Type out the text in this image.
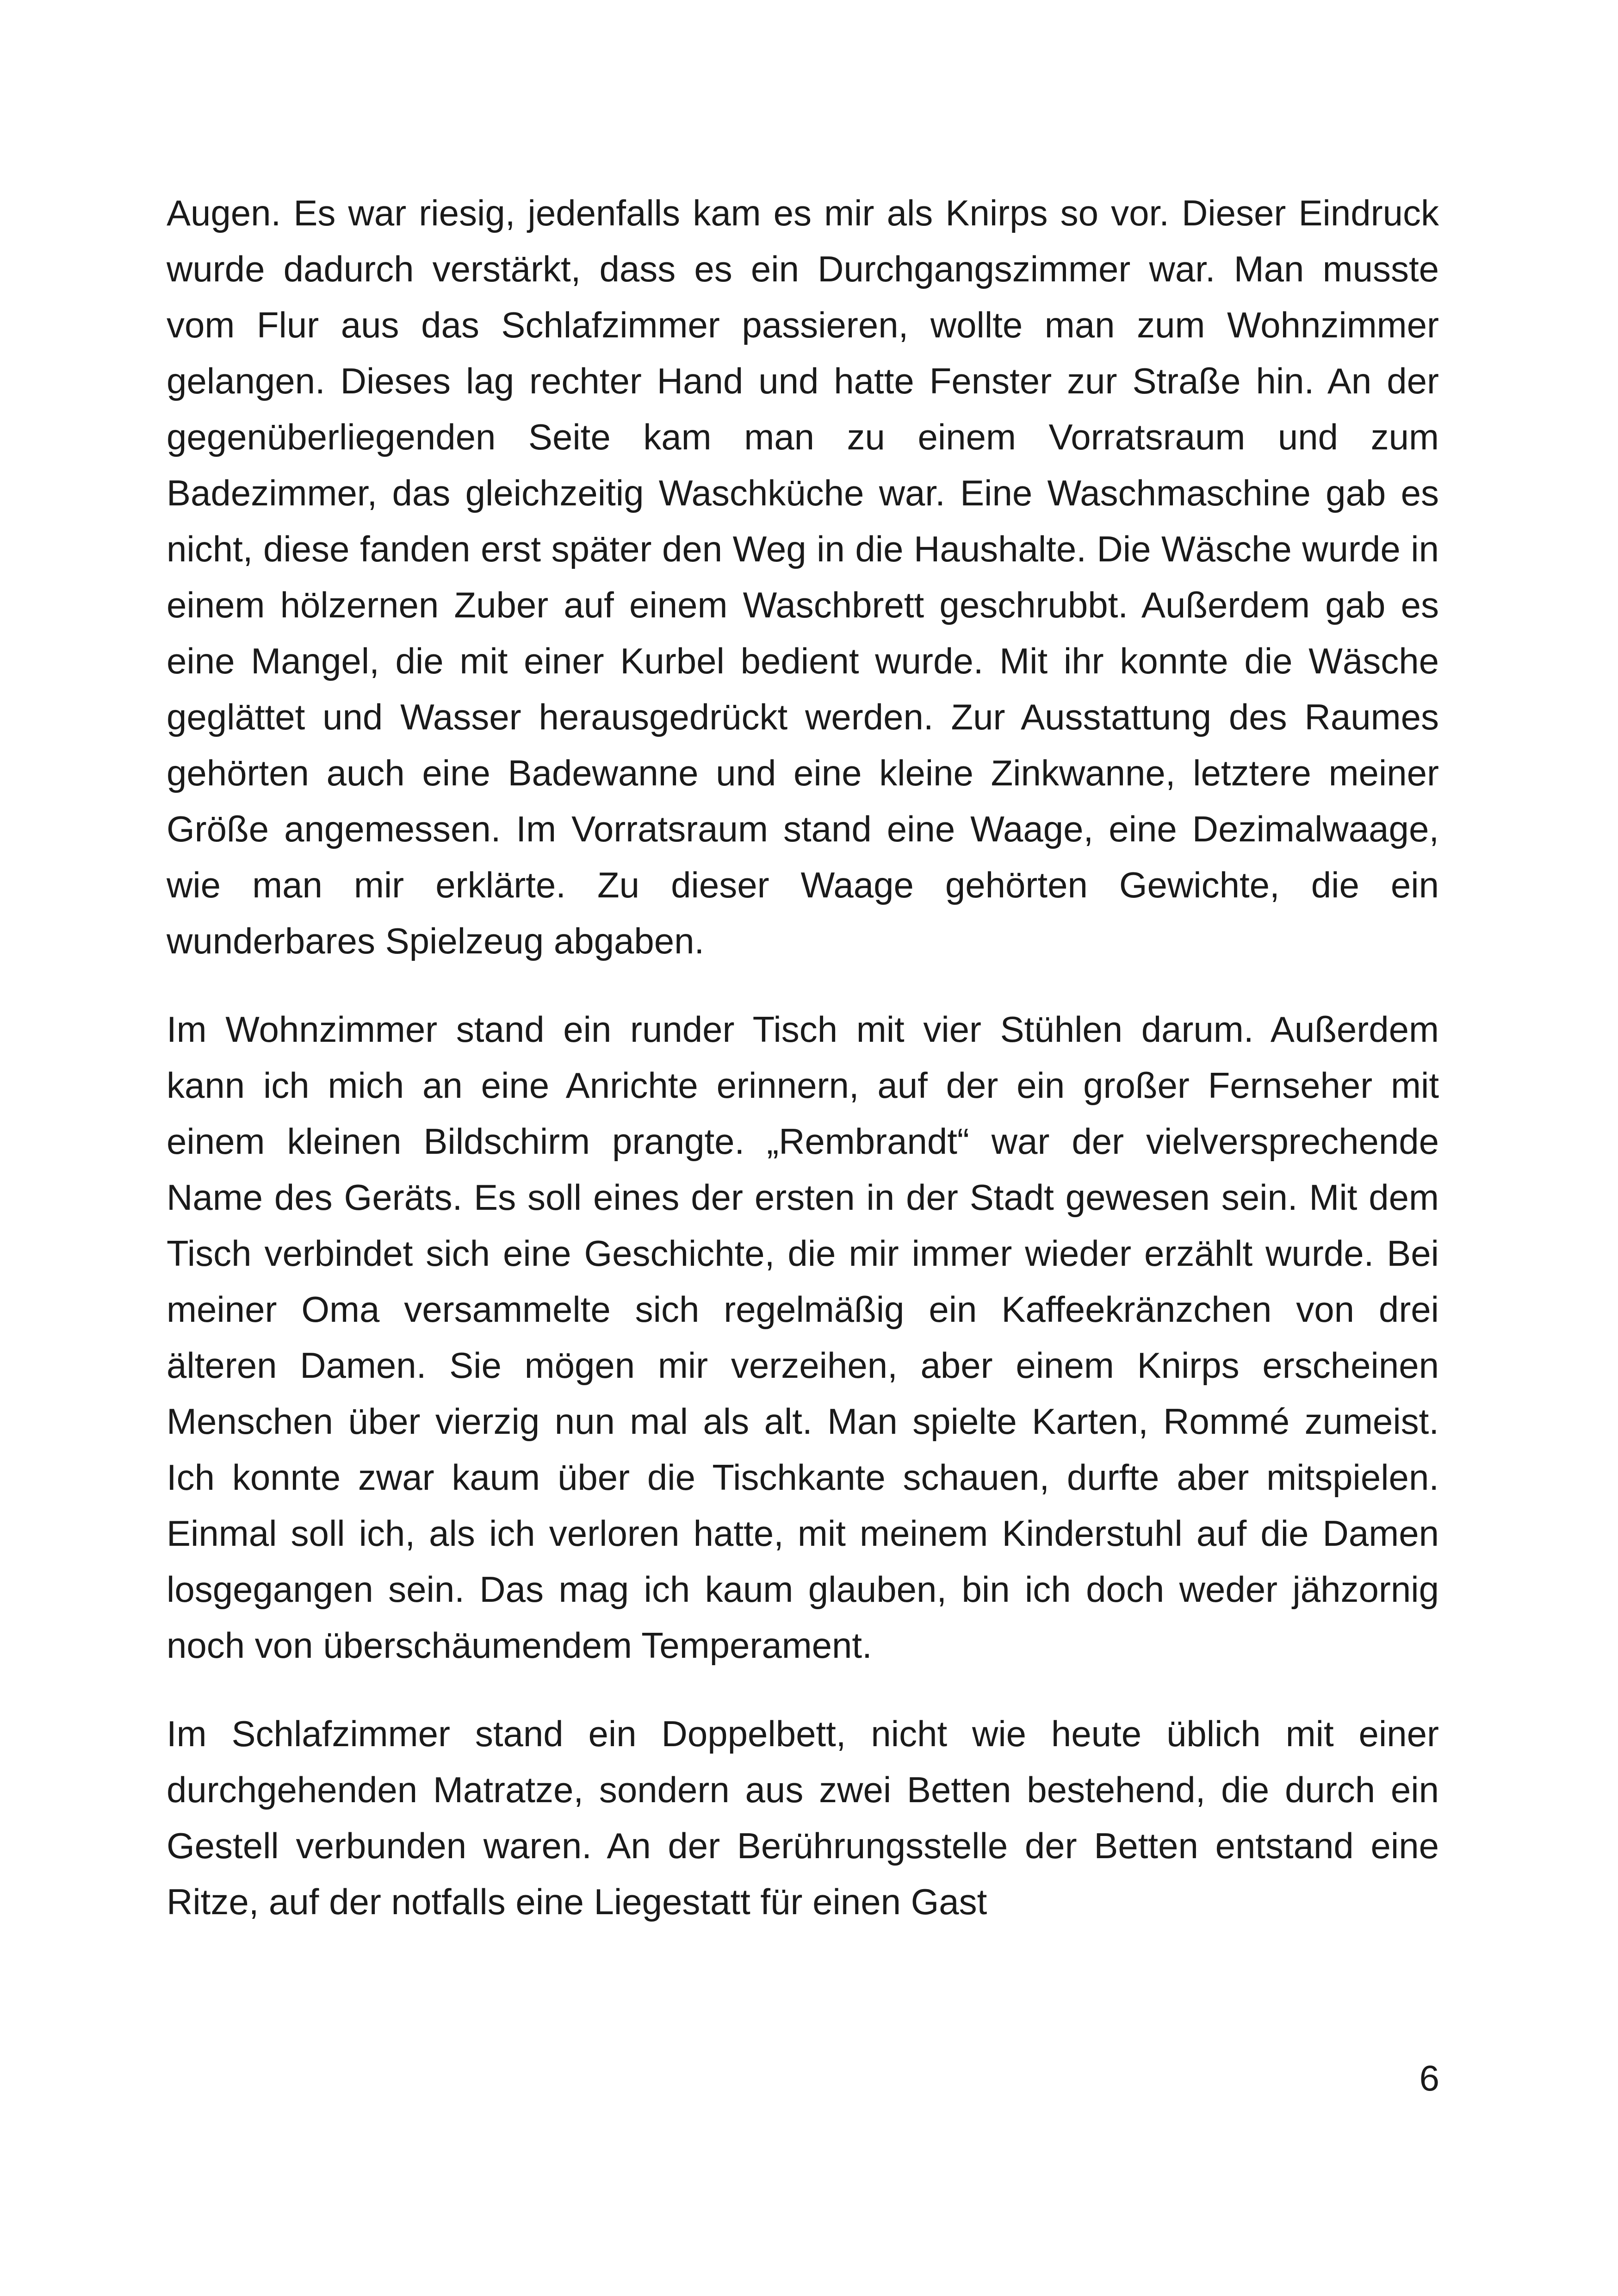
Augen. Es war riesig, jedenfalls kam es mir als Knirps so vor. Dieser Eindruck wurde dadurch verstärkt, dass es ein Durchgangszimmer war. Man musste vom Flur aus das Schlafzimmer passieren, wollte man zum Wohnzimmer gelangen. Dieses lag rechter Hand und hatte Fenster zur Straße hin. An der gegenüberliegenden Seite kam man zu einem Vorratsraum und zum Badezimmer, das gleichzeitig Waschküche war. Eine Waschmaschine gab es nicht, diese fanden erst später den Weg in die Haushalte. Die Wäsche wurde in einem hölzernen Zuber auf einem Waschbrett geschrubbt. Außerdem gab es eine Mangel, die mit einer Kurbel bedient wurde. Mit ihr konnte die Wäsche geglättet und Wasser herausgedrückt werden. Zur Ausstattung des Raumes gehörten auch eine Badewanne und eine kleine Zinkwanne, letztere meiner Größe angemessen. Im Vorratsraum stand eine Waage, eine Dezimalwaage, wie man mir erklärte. Zu dieser Waage gehörten Gewichte, die ein wunderbares Spielzeug abgaben.

Im Wohnzimmer stand ein runder Tisch mit vier Stühlen darum. Außerdem kann ich mich an eine Anrichte erinnern, auf der ein großer Fernseher mit einem kleinen Bildschirm prangte. „Rembrandt“ war der vielversprechende Name des Geräts. Es soll eines der ersten in der Stadt gewesen sein. Mit dem Tisch verbindet sich eine Geschichte, die mir immer wieder erzählt wurde. Bei meiner Oma versammelte sich regelmäßig ein Kaffeekränzchen von drei älteren Damen. Sie mögen mir verzeihen, aber einem Knirps erscheinen Menschen über vierzig nun mal als alt. Man spielte Karten, Rommé zumeist. Ich konnte zwar kaum über die Tischkante schauen, durfte aber mitspielen. Einmal soll ich, als ich verloren hatte, mit meinem Kinderstuhl auf die Damen losgegangen sein. Das mag ich kaum glauben, bin ich doch weder jähzornig noch von überschäumendem Temperament.

Im Schlafzimmer stand ein Doppelbett, nicht wie heute üblich mit einer durchgehenden Matratze, sondern aus zwei Betten bestehend, die durch ein Gestell verbunden waren. An der Berührungsstelle der Betten entstand eine Ritze, auf der notfalls eine Liegestatt für einen Gast

6
